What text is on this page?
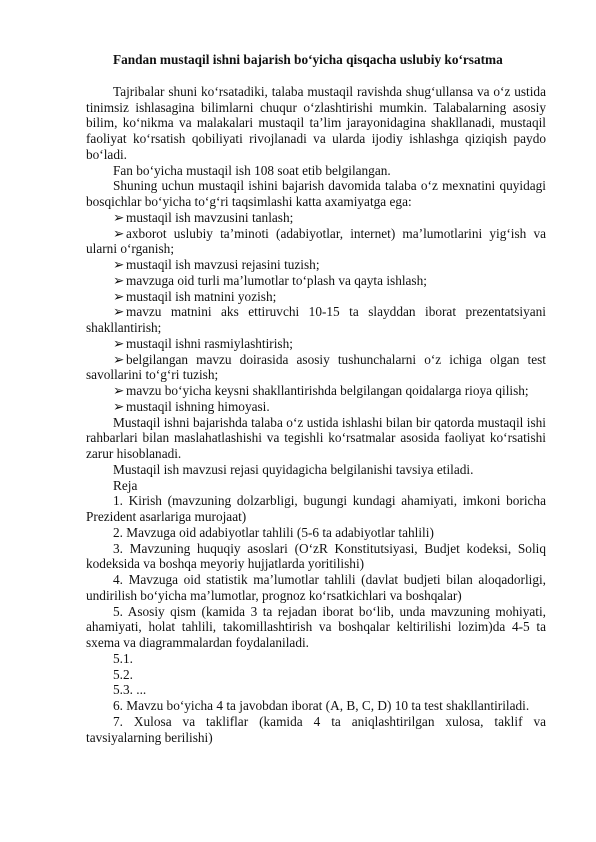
Fandan mustaqil ishni bajarish bo‘yicha qisqacha uslubiy ko‘rsatma

Tajribalar shuni ko‘rsatadiki, talaba mustaqil ravishda shug‘ullansa va o‘z ustida tinimsiz ishlasagina bilimlarni chuqur o‘zlashtirishi mumkin. Talabalarning asosiy bilim, ko‘nikma va malakalari mustaqil ta’lim jarayonidagina shakllanadi, mustaqil faoliyat ko‘rsatish qobiliyati rivojlanadi va ularda ijodiy ishlashga qiziqish paydo bo‘ladi.

Fan bo‘yicha mustaqil ish 108 soat etib belgilangan.

Shuning uchun mustaqil ishini bajarish davomida talaba o‘z mexnatini quyidagi bosqichlar bo‘yicha to‘g‘ri taqsimlashi katta axamiyatga ega:

➢ mustaqil ish mavzusini tanlash;

➢ axborot uslubiy ta’minoti (adabiyotlar, internet) ma’lumotlarini yig‘ish va ularni o‘rganish;

➢ mustaqil ish mavzusi rejasini tuzish;

➢ mavzuga oid turli ma’lumotlar to‘plash va qayta ishlash;

➢ mustaqil ish matnini yozish;

➢ mavzu matnini aks ettiruvchi 10-15 ta slayddan iborat prezentatsiyani shakllantirish;

➢ mustaqil ishni rasmiylashtirish;

➢ belgilangan mavzu doirasida asosiy tushunchalarni o‘z ichiga olgan test savollarini to‘g‘ri tuzish;

➢ mavzu bo‘yicha keysni shakllantirishda belgilangan qoidalarga rioya qilish;

➢ mustaqil ishning himoyasi.

Mustaqil ishni bajarishda talaba o‘z ustida ishlashi bilan bir qatorda mustaqil ishi rahbarlari bilan maslahatlashishi va tegishli ko‘rsatmalar asosida faoliyat ko‘rsatishi zarur hisoblanadi.

Mustaqil ish mavzusi rejasi quyidagicha belgilanishi tavsiya etiladi.

Reja

1. Kirish (mavzuning dolzarbligi, bugungi kundagi ahamiyati, imkoni boricha Prezident asarlariga murojaat)

2. Mavzuga oid adabiyotlar tahlili (5-6 ta adabiyotlar tahlili)

3. Mavzuning huquqiy asoslari (O‘zR Konstitutsiyasi, Budjet kodeksi, Soliq kodeksida va boshqa meyoriy hujjatlarda yoritilishi)

4. Mavzuga oid statistik ma’lumotlar tahlili (davlat budjeti bilan aloqadorligi, undirilish bo‘yicha ma’lumotlar, prognoz ko‘rsatkichlari va boshqalar)

5. Asosiy qism (kamida 3 ta rejadan iborat bo‘lib, unda mavzuning mohiyati, ahamiyati, holat tahlili, takomillashtirish va boshqalar keltirilishi lozim)da 4-5 ta sxema va diagrammalardan foydalaniladi.

5.1.

5.2.

5.3. ...

6. Mavzu bo‘yicha 4 ta javobdan iborat (A, B, C, D) 10 ta test shakllantiriladi.

7. Xulosa va takliflar (kamida 4 ta aniqlashtirilgan xulosa, taklif va tavsiyalarning berilishi)
